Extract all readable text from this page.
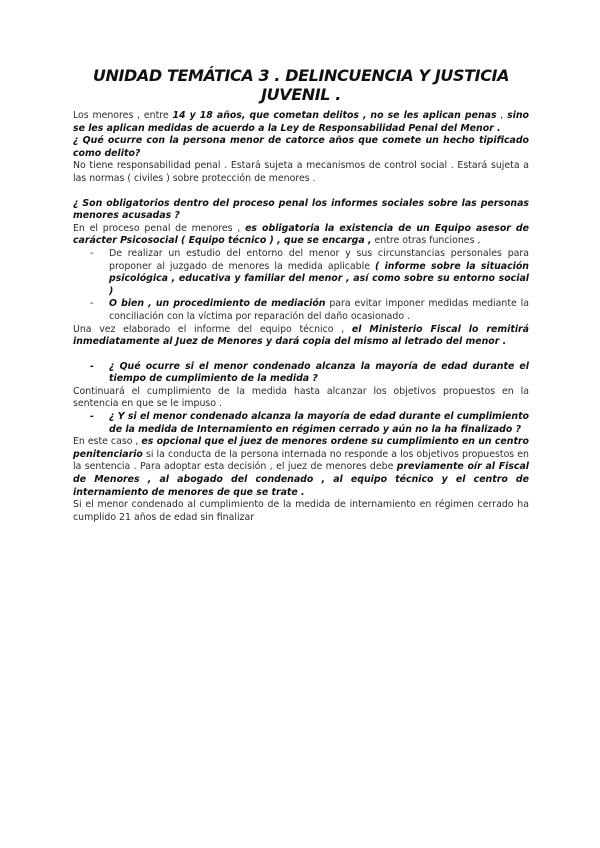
UNIDAD TEMÁTICA 3 . DELINCUENCIA Y JUSTICIA JUVENIL .

Los menores , entre 14 y 18 años, que cometan delitos , no se les aplican penas , sino se les aplican medidas de acuerdo a la Ley de Responsabilidad Penal del Menor .

¿ Qué ocurre con la persona menor de catorce años que comete un hecho tipificado como delito?

No tiene responsabilidad penal . Estará sujeta a mecanismos de control social . Estará sujeta a las normas ( civiles ) sobre protección de menores .

¿ Son obligatorios dentro del proceso penal los informes sociales sobre las personas menores acusadas ?

En el proceso penal de menores , es obligatoria la existencia de un Equipo asesor de carácter Psicosocial ( Equipo técnico ) , que se encarga , entre otras funciones ,

- De realizar un estudio del entorno del menor y sus circunstancias personales para proponer al juzgado de menores la medida aplicable ( informe sobre la situación psicológica , educativa y familiar del menor , así como sobre su entorno social )
- O bien , un procedimiento de mediación para evitar imponer medidas mediante la conciliación con la víctima por reparación del daño ocasionado .

Una vez elaborado el informe del equipo técnico , el Ministerio Fiscal lo remitirá inmediatamente al Juez de Menores y dará copia del mismo al letrado del menor .

- ¿ Qué ocurre si el menor condenado alcanza la mayoría de edad durante el tiempo de cumplimiento de la medida ?

Continuará el cumplimiento de la medida hasta alcanzar los objetivos propuestos en la sentencia en que se le impuso .

- ¿ Y si el menor condenado alcanza la mayoría de edad durante el cumplimiento de la medida de Internamiento en régimen cerrado y aún no la ha finalizado ?

En este caso , es opcional que el juez de menores ordene su cumplimiento en un centro penitenciario si la conducta de la persona internada no responde a los objetivos propuestos en la sentencia . Para adoptar esta decisión , el juez de menores debe previamente oír al Fiscal de Menores , al abogado del condenado , al equipo técnico y el centro de internamiento de menores de que se trate .

Si el menor condenado al cumplimiento de la medida de internamiento en régimen cerrado ha cumplido 21 años de edad sin finalizar
